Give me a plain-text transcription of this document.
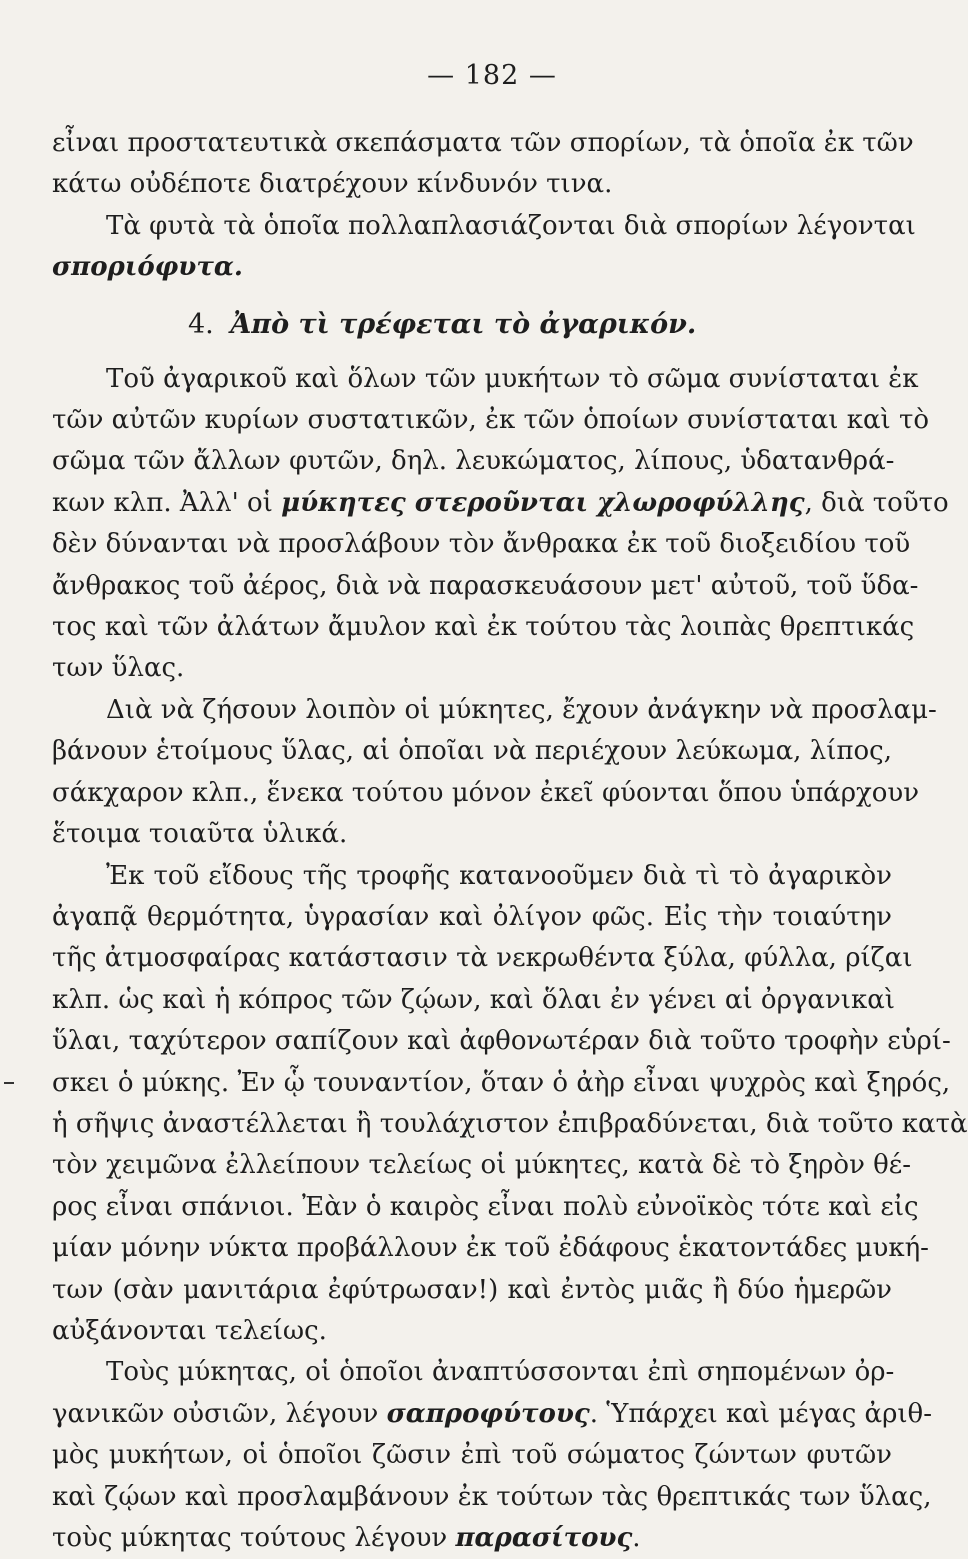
— 182 —
εἶναι προστατευτικὰ σκεπάσματα τῶν σπορίων, τὰ ὁποῖα ἐκ τῶν
κάτω οὐδέποτε διατρέχουν κίνδυνόν τινα.
Τὰ φυτὰ τὰ ὁποῖα πολλαπλασιάζονται διὰ σπορίων λέγονται
σποριόφυτα.
4. Ἀπὸ τὶ τρέφεται τὸ ἀγαρικόν.
Τοῦ ἀγαρικοῦ καὶ ὅλων τῶν μυκήτων τὸ σῶμα συνίσταται ἐκ
τῶν αὐτῶν κυρίων συστατικῶν, ἐκ τῶν ὁποίων συνίσταται καὶ τὸ
σῶμα τῶν ἄλλων φυτῶν, δηλ. λευκώματος, λίπους, ὑδατανθρά-
κων κλπ. Ἀλλ' οἱ μύκητες στεροῦνται χλωροφύλλης, διὰ τοῦτο
δὲν δύνανται νὰ προσλάβουν τὸν ἄνθρακα ἐκ τοῦ διοξειδίου τοῦ
ἄνθρακος τοῦ ἀέρος, διὰ νὰ παρασκευάσουν μετ' αὐτοῦ, τοῦ ὕδα-
τος καὶ τῶν ἀλάτων ἄμυλον καὶ ἐκ τούτου τὰς λοιπὰς θρεπτικάς
των ὕλας.
Διὰ νὰ ζήσουν λοιπὸν οἱ μύκητες, ἔχουν ἀνάγκην νὰ προσλαμ-
βάνουν ἑτοίμους ὕλας, αἱ ὁποῖαι νὰ περιέχουν λεύκωμα, λίπος,
σάκχαρον κλπ., ἕνεκα τούτου μόνον ἐκεῖ φύονται ὅπου ὑπάρχουν
ἕτοιμα τοιαῦτα ὑλικά.
Ἐκ τοῦ εἴδους τῆς τροφῆς κατανοοῦμεν διὰ τὶ τὸ ἀγαρικὸν
ἀγαπᾷ θερμότητα, ὑγρασίαν καὶ ὀλίγον φῶς. Εἰς τὴν τοιαύτην
τῆς ἀτμοσφαίρας κατάστασιν τὰ νεκρωθέντα ξύλα, φύλλα, ρίζαι
κλπ. ὡς καὶ ἡ κόπρος τῶν ζῴων, καὶ ὅλαι ἐν γένει αἱ ὀργανικαὶ
ὕλαι, ταχύτερον σαπίζουν καὶ ἀφθονωτέραν διὰ τοῦτο τροφὴν εὑρί-
σκει ὁ μύκης. Ἐν ᾧ τουναντίον, ὅταν ὁ ἀὴρ εἶναι ψυχρὸς καὶ ξηρός,
ἡ σῆψις ἀναστέλλεται ἢ τουλάχιστον ἐπιβραδύνεται, διὰ τοῦτο κατὰ
τὸν χειμῶνα ἐλλείπουν τελείως οἱ μύκητες, κατὰ δὲ τὸ ξηρὸν θέ-
ρος εἶναι σπάνιοι. Ἐὰν ὁ καιρὸς εἶναι πολὺ εὐνοϊκὸς τότε καὶ εἰς
μίαν μόνην νύκτα προβάλλουν ἐκ τοῦ ἐδάφους ἑκατοντάδες μυκή-
των (σὰν μανιτάρια ἐφύτρωσαν!) καὶ ἐντὸς μιᾶς ἢ δύο ἡμερῶν
αὐξάνονται τελείως.
Τοὺς μύκητας, οἱ ὁποῖοι ἀναπτύσσονται ἐπὶ σηπομένων ὀρ-
γανικῶν οὐσιῶν, λέγουν σαπροφύτους. Ὑπάρχει καὶ μέγας ἀριθ-
μὸς μυκήτων, οἱ ὁποῖοι ζῶσιν ἐπὶ τοῦ σώματος ζώντων φυτῶν
καὶ ζῴων καὶ προσλαμβάνουν ἐκ τούτων τὰς θρεπτικάς των ὕλας,
τοὺς μύκητας τούτους λέγουν παρασίτους.
